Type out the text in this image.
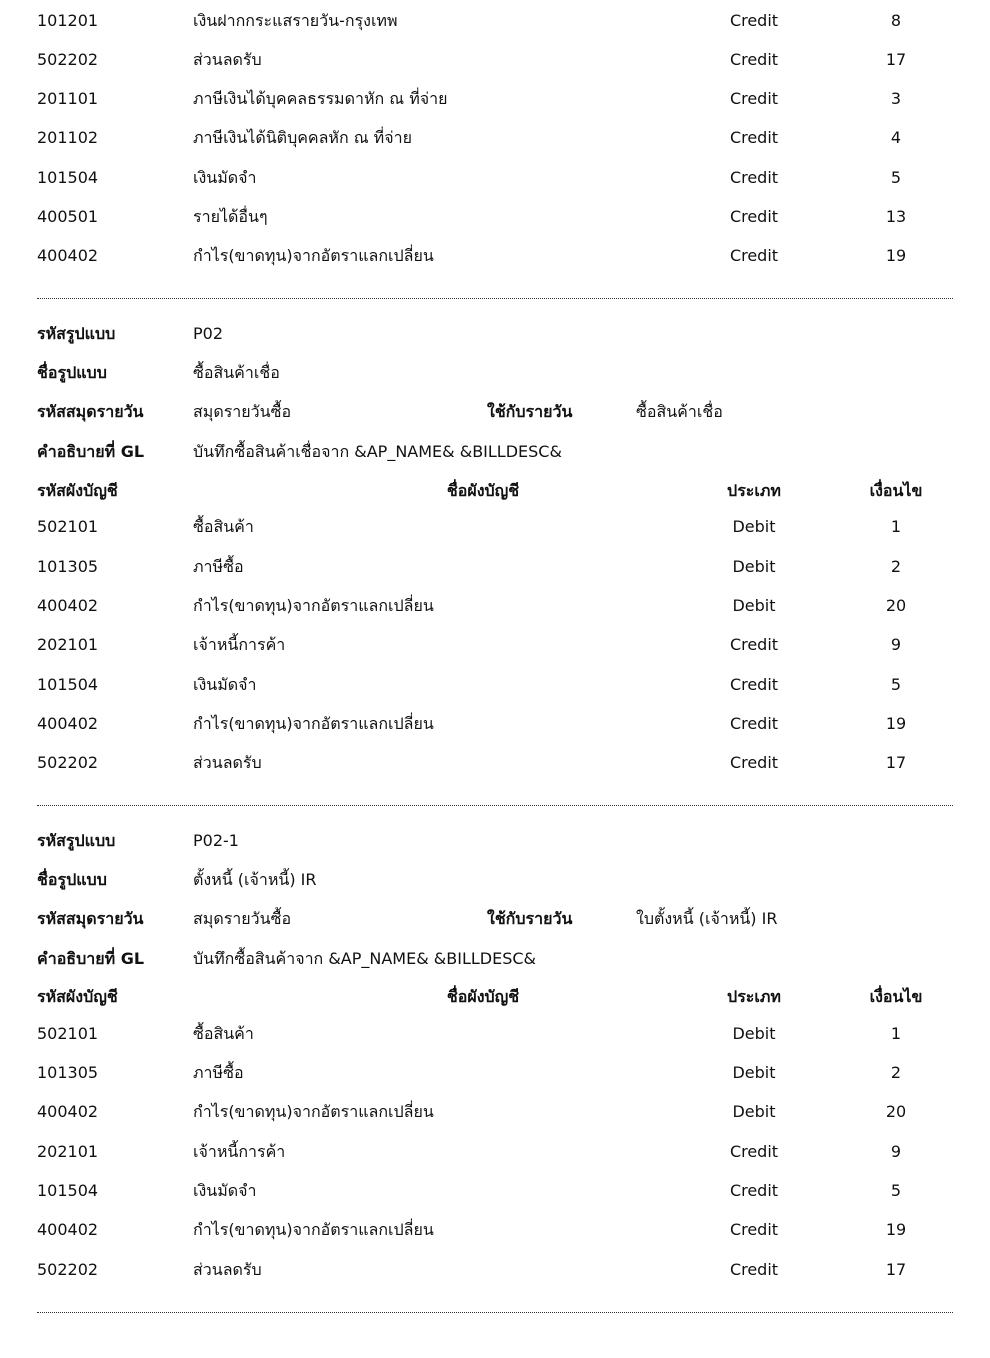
101201	เงินฝากกระแสรายวัน-กรุงเทพ	Credit	8
502202	ส่วนลดรับ	Credit	17
201101	ภาษีเงินได้บุคคลธรรมดาหัก ณ ที่จ่าย	Credit	3
201102	ภาษีเงินได้นิติบุคคลหัก ณ ที่จ่าย	Credit	4
101504	เงินมัดจำ	Credit	5
400501	รายได้อื่นๆ	Credit	13
400402	กำไร(ขาดทุน)จากอัตราแลกเปลี่ยน	Credit	19
รหัสรูปแบบ	P02
ชื่อรูปแบบ	ซื้อสินค้าเชื่อ
รหัสสมุดรายวัน	สมุดรายวันซื้อ	ใช้กับรายวัน	ซื้อสินค้าเชื่อ
คำอธิบายที่ GL	บันทึกซื้อสินค้าเชื่อจาก &AP_NAME& &BILLDESC&
รหัสผังบัญชี	ชื่อผังบัญชี	ประเภท	เงื่อนไข
502101	ซื้อสินค้า	Debit	1
101305	ภาษีซื้อ	Debit	2
400402	กำไร(ขาดทุน)จากอัตราแลกเปลี่ยน	Debit	20
202101	เจ้าหนี้การค้า	Credit	9
101504	เงินมัดจำ	Credit	5
400402	กำไร(ขาดทุน)จากอัตราแลกเปลี่ยน	Credit	19
502202	ส่วนลดรับ	Credit	17
รหัสรูปแบบ	P02-1
ชื่อรูปแบบ	ตั้งหนี้ (เจ้าหนี้) IR
รหัสสมุดรายวัน	สมุดรายวันซื้อ	ใช้กับรายวัน	ใบตั้งหนี้ (เจ้าหนี้) IR
คำอธิบายที่ GL	บันทึกซื้อสินค้าจาก &AP_NAME& &BILLDESC&
รหัสผังบัญชี	ชื่อผังบัญชี	ประเภท	เงื่อนไข
502101	ซื้อสินค้า	Debit	1
101305	ภาษีซื้อ	Debit	2
400402	กำไร(ขาดทุน)จากอัตราแลกเปลี่ยน	Debit	20
202101	เจ้าหนี้การค้า	Credit	9
101504	เงินมัดจำ	Credit	5
400402	กำไร(ขาดทุน)จากอัตราแลกเปลี่ยน	Credit	19
502202	ส่วนลดรับ	Credit	17
